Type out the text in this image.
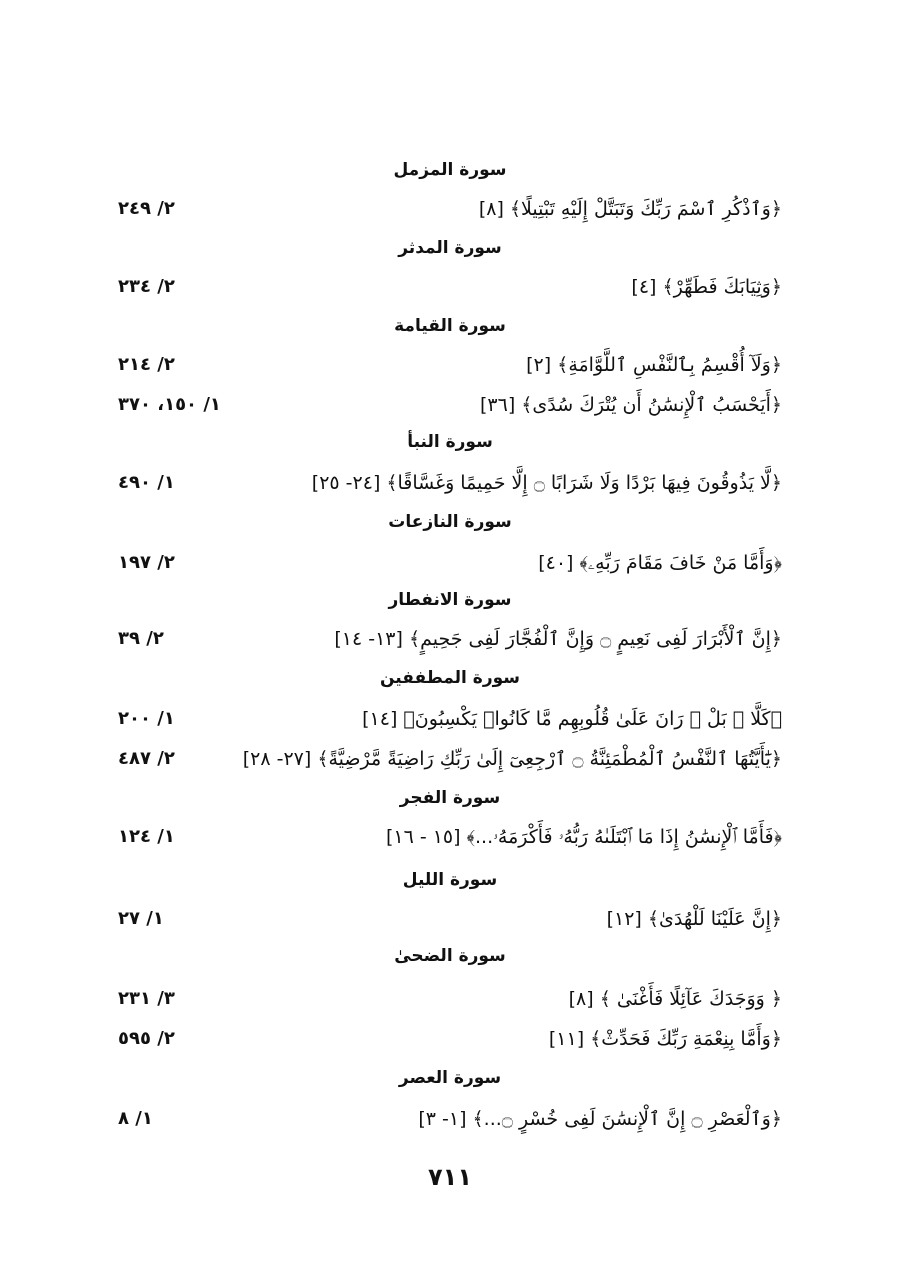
سورة المزمل
﴿وَٱذْكُرِ ٱسْمَ رَبِّكَ وَتَبَتَّلْ إِلَيْهِ تَبْتِيلًا﴾ [٨]
٢/ ٢٤٩
سورة المدثر
﴿وَثِيَابَكَ فَطَهِّرْ﴾ [٤]
٢/ ٢٣٤
سورة القيامة
﴿وَلَآ أُقْسِمُ بِٱلنَّفْسِ ٱللَّوَّامَةِ﴾ [٢]
٢/ ٢١٤
﴿أَيَحْسَبُ ٱلْإِنسَٰنُ أَن يُتْرَكَ سُدًى﴾ [٣٦]
١/ ١٥٠، ٣٧٠
سورة النبأ
﴿لَّا يَذُوقُونَ فِيهَا بَرْدًا وَلَا شَرَابًا ۝ إِلَّا حَمِيمًا وَغَسَّاقًا﴾ [٢٤- ٢٥]
١/ ٤٩٠
سورة النازعات
﴿وَأَمَّا مَنْ خَافَ مَقَامَ رَبِّهِۦ﴾ [٤٠]
٢/ ١٩٧
سورة الانفطار
﴿إِنَّ ٱلْأَبْرَارَ لَفِى نَعِيمٍ ۝ وَإِنَّ ٱلْفُجَّارَ لَفِى جَحِيمٍ﴾ [١٣- ١٤]
٢/ ٣٩
سورة المطففين
﴿كَلَّا ۖ بَلْ ۜ رَانَ عَلَىٰ قُلُوبِهِم مَّا كَانُوا۟ يَكْسِبُونَ﴾ [١٤]
١/ ٢٠٠
﴿يَٰٓأَيَّتُهَا ٱلنَّفْسُ ٱلْمُطْمَئِنَّةُ ۝ ٱرْجِعِىٓ إِلَىٰ رَبِّكِ رَاضِيَةً مَّرْضِيَّةً﴾ [٢٧- ٢٨]
٢/ ٤٨٧
سورة الفجر
﴿فَأَمَّا ٱلْإِنسَٰنُ إِذَا مَا ٱبْتَلَىٰهُ رَبُّهُۥ فَأَكْرَمَهُۥ...﴾ [١٥ - ١٦]
١/ ١٢٤
سورة الليل
﴿إِنَّ عَلَيْنَا لَلْهُدَىٰ﴾ [١٢]
١/ ٢٧
سورة الضحىٰ
﴿ وَوَجَدَكَ عَآئِلًا فَأَغْنَىٰ ﴾ [٨]
٣/ ٢٣١
﴿وَأَمَّا بِنِعْمَةِ رَبِّكَ فَحَدِّثْ﴾ [١١]
٢/ ٥٩٥
سورة العصر
﴿وَٱلْعَصْرِ ۝ إِنَّ ٱلْإِنسَٰنَ لَفِى خُسْرٍ ۝...﴾ [١- ٣]
١/ ٨
٧١١
